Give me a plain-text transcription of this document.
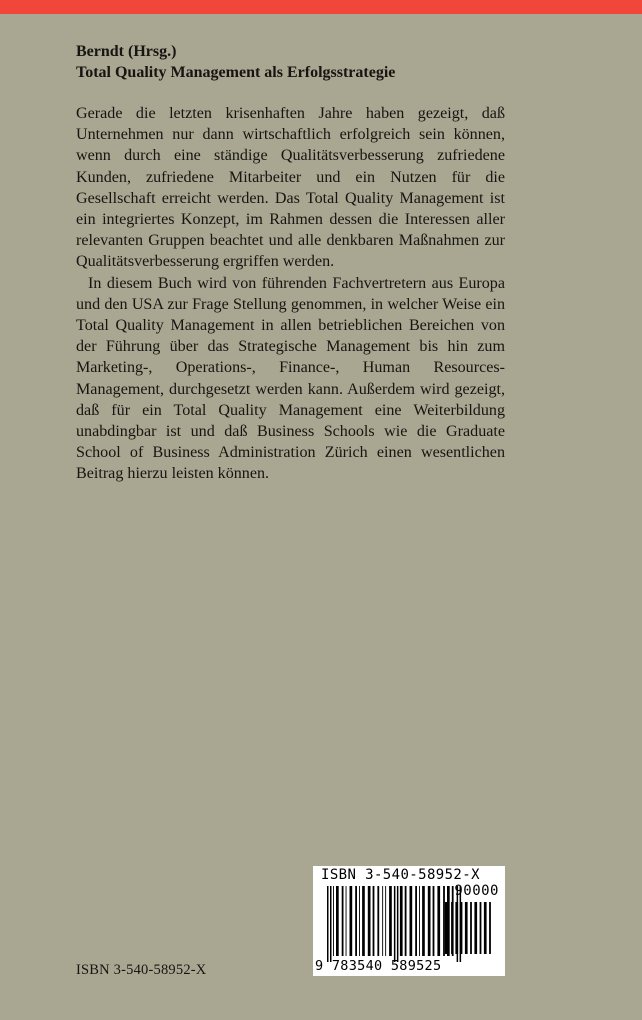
Berndt (Hrsg.)
Total Quality Management als Erfolgsstrategie

Gerade die letzten krisenhaften Jahre haben gezeigt, daß Unternehmen nur dann wirtschaftlich erfolgreich sein können, wenn durch eine ständige Qualitätsverbesserung zufriedene Kunden, zufriedene Mitarbeiter und ein Nutzen für die Gesellschaft erreicht werden. Das Total Quality Management ist ein integriertes Konzept, im Rahmen dessen die Interessen aller relevanten Gruppen beachtet und alle denkbaren Maßnahmen zur Qualitätsverbesserung ergriffen werden.

In diesem Buch wird von führenden Fachvertretern aus Europa und den USA zur Frage Stellung genommen, in welcher Weise ein Total Quality Management in allen betrieblichen Bereichen von der Führung über das Strategische Management bis hin zum Marketing-, Operations-, Finance-, Human Resources-Management, durchgesetzt werden kann. Außerdem wird gezeigt, daß für ein Total Quality Management eine Weiterbildung unabdingbar ist und daß Business Schools wie die Graduate School of Business Administration Zürich einen wesentlichen Beitrag hierzu leisten können.

ISBN 3-540-58952-X
ISBN 3-540-58952-X
90000
9 783540 589525
